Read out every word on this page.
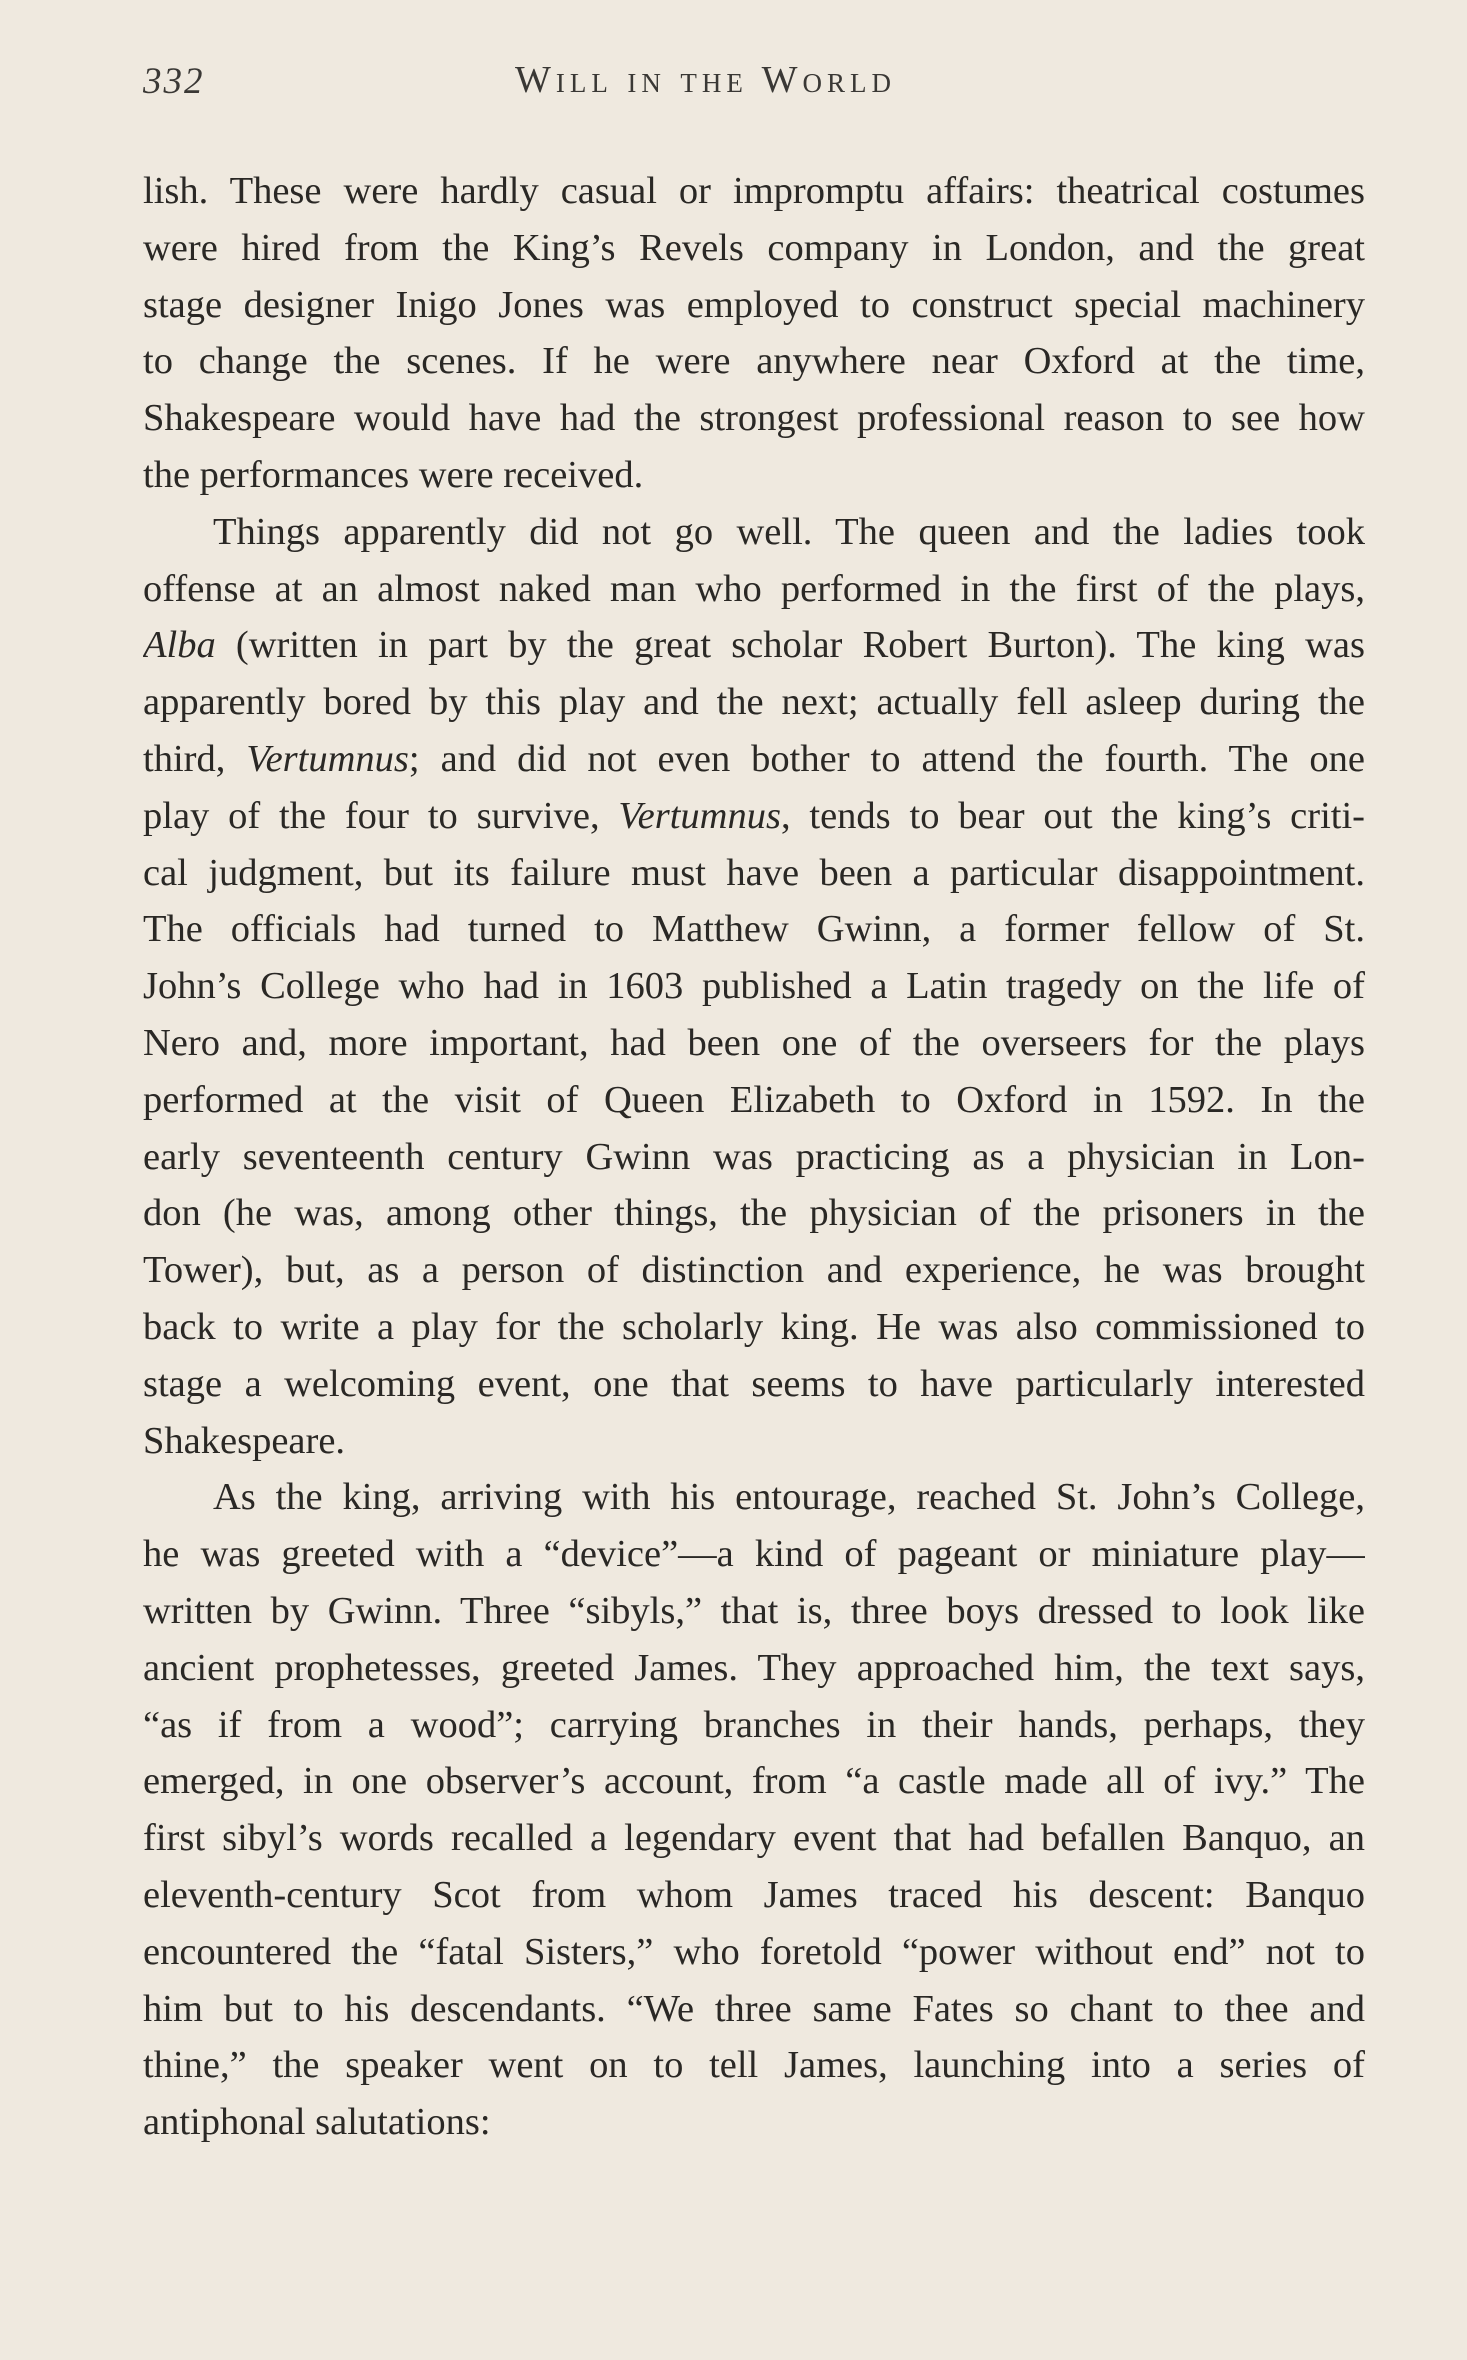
332	Will in the World
lish. These were hardly casual or impromptu affairs: theatrical costumes
were hired from the King’s Revels company in London, and the great
stage designer Inigo Jones was employed to construct special machinery
to change the scenes. If he were anywhere near Oxford at the time,
Shakespeare would have had the strongest professional reason to see how
the performances were received.
Things apparently did not go well. The queen and the ladies took
offense at an almost naked man who performed in the first of the plays,
Alba (written in part by the great scholar Robert Burton). The king was
apparently bored by this play and the next; actually fell asleep during the
third, Vertumnus; and did not even bother to attend the fourth. The one
play of the four to survive, Vertumnus, tends to bear out the king’s criti-
cal judgment, but its failure must have been a particular disappointment.
The officials had turned to Matthew Gwinn, a former fellow of St.
John’s College who had in 1603 published a Latin tragedy on the life of
Nero and, more important, had been one of the overseers for the plays
performed at the visit of Queen Elizabeth to Oxford in 1592. In the
early seventeenth century Gwinn was practicing as a physician in Lon-
don (he was, among other things, the physician of the prisoners in the
Tower), but, as a person of distinction and experience, he was brought
back to write a play for the scholarly king. He was also commissioned to
stage a welcoming event, one that seems to have particularly interested
Shakespeare.
As the king, arriving with his entourage, reached St. John’s College,
he was greeted with a “device”—a kind of pageant or miniature play—
written by Gwinn. Three “sibyls,” that is, three boys dressed to look like
ancient prophetesses, greeted James. They approached him, the text says,
“as if from a wood”; carrying branches in their hands, perhaps, they
emerged, in one observer’s account, from “a castle made all of ivy.” The
first sibyl’s words recalled a legendary event that had befallen Banquo, an
eleventh-century Scot from whom James traced his descent: Banquo
encountered the “fatal Sisters,” who foretold “power without end” not to
him but to his descendants. “We three same Fates so chant to thee and
thine,” the speaker went on to tell James, launching into a series of
antiphonal salutations:
